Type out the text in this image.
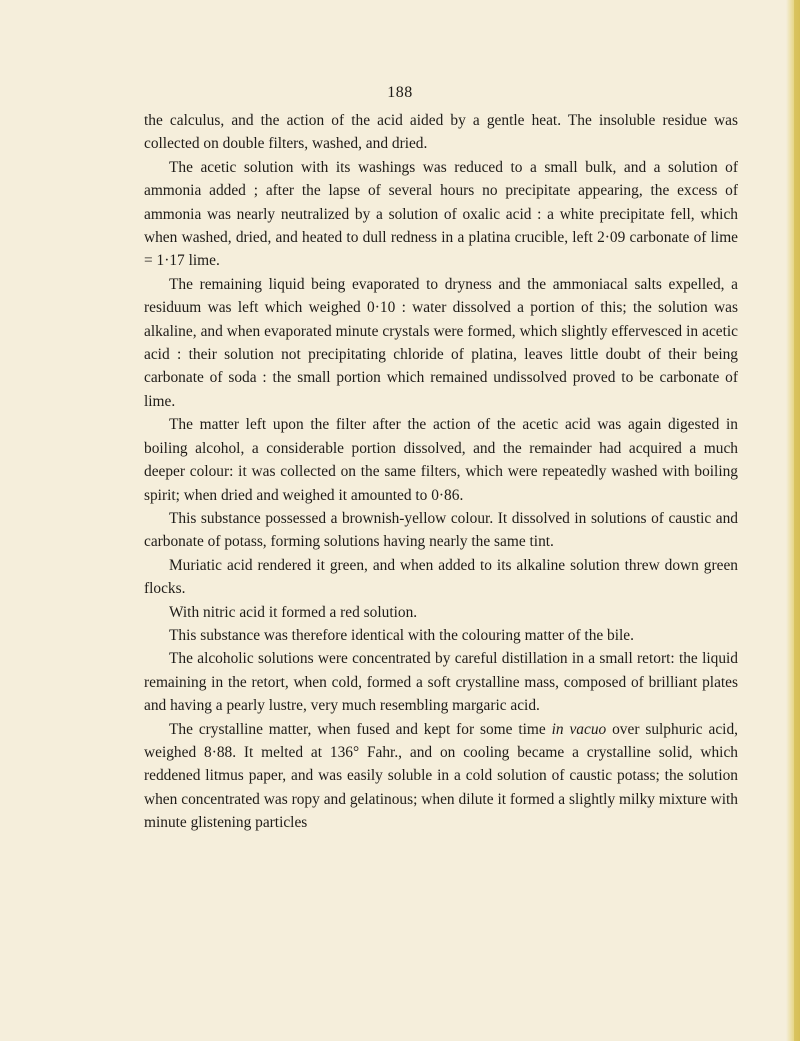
188

the calculus, and the action of the acid aided by a gentle heat. The insoluble residue was collected on double filters, washed, and dried.

The acetic solution with its washings was reduced to a small bulk, and a solution of ammonia added ; after the lapse of several hours no precipitate appearing, the excess of ammonia was nearly neutralized by a solution of oxalic acid : a white precipitate fell, which when washed, dried, and heated to dull redness in a platina crucible, left 2·09 carbonate of lime = 1·17 lime.

The remaining liquid being evaporated to dryness and the ammoniacal salts expelled, a residuum was left which weighed 0·10 : water dissolved a portion of this; the solution was alkaline, and when evaporated minute crystals were formed, which slightly effervesced in acetic acid : their solution not precipitating chloride of platina, leaves little doubt of their being carbonate of soda : the small portion which remained undissolved proved to be carbonate of lime.

The matter left upon the filter after the action of the acetic acid was again digested in boiling alcohol, a considerable portion dissolved, and the remainder had acquired a much deeper colour: it was collected on the same filters, which were repeatedly washed with boiling spirit; when dried and weighed it amounted to 0·86.

This substance possessed a brownish-yellow colour. It dissolved in solutions of caustic and carbonate of potass, forming solutions having nearly the same tint.

Muriatic acid rendered it green, and when added to its alkaline solution threw down green flocks.

With nitric acid it formed a red solution.

This substance was therefore identical with the colouring matter of the bile.

The alcoholic solutions were concentrated by careful distillation in a small retort: the liquid remaining in the retort, when cold, formed a soft crystalline mass, composed of brilliant plates and having a pearly lustre, very much resembling margaric acid.

The crystalline matter, when fused and kept for some time in vacuo over sulphuric acid, weighed 8·88. It melted at 136° Fahr., and on cooling became a crystalline solid, which reddened litmus paper, and was easily soluble in a cold solution of caustic potass; the solution when concentrated was ropy and gelatinous; when dilute it formed a slightly milky mixture with minute glistening particles
